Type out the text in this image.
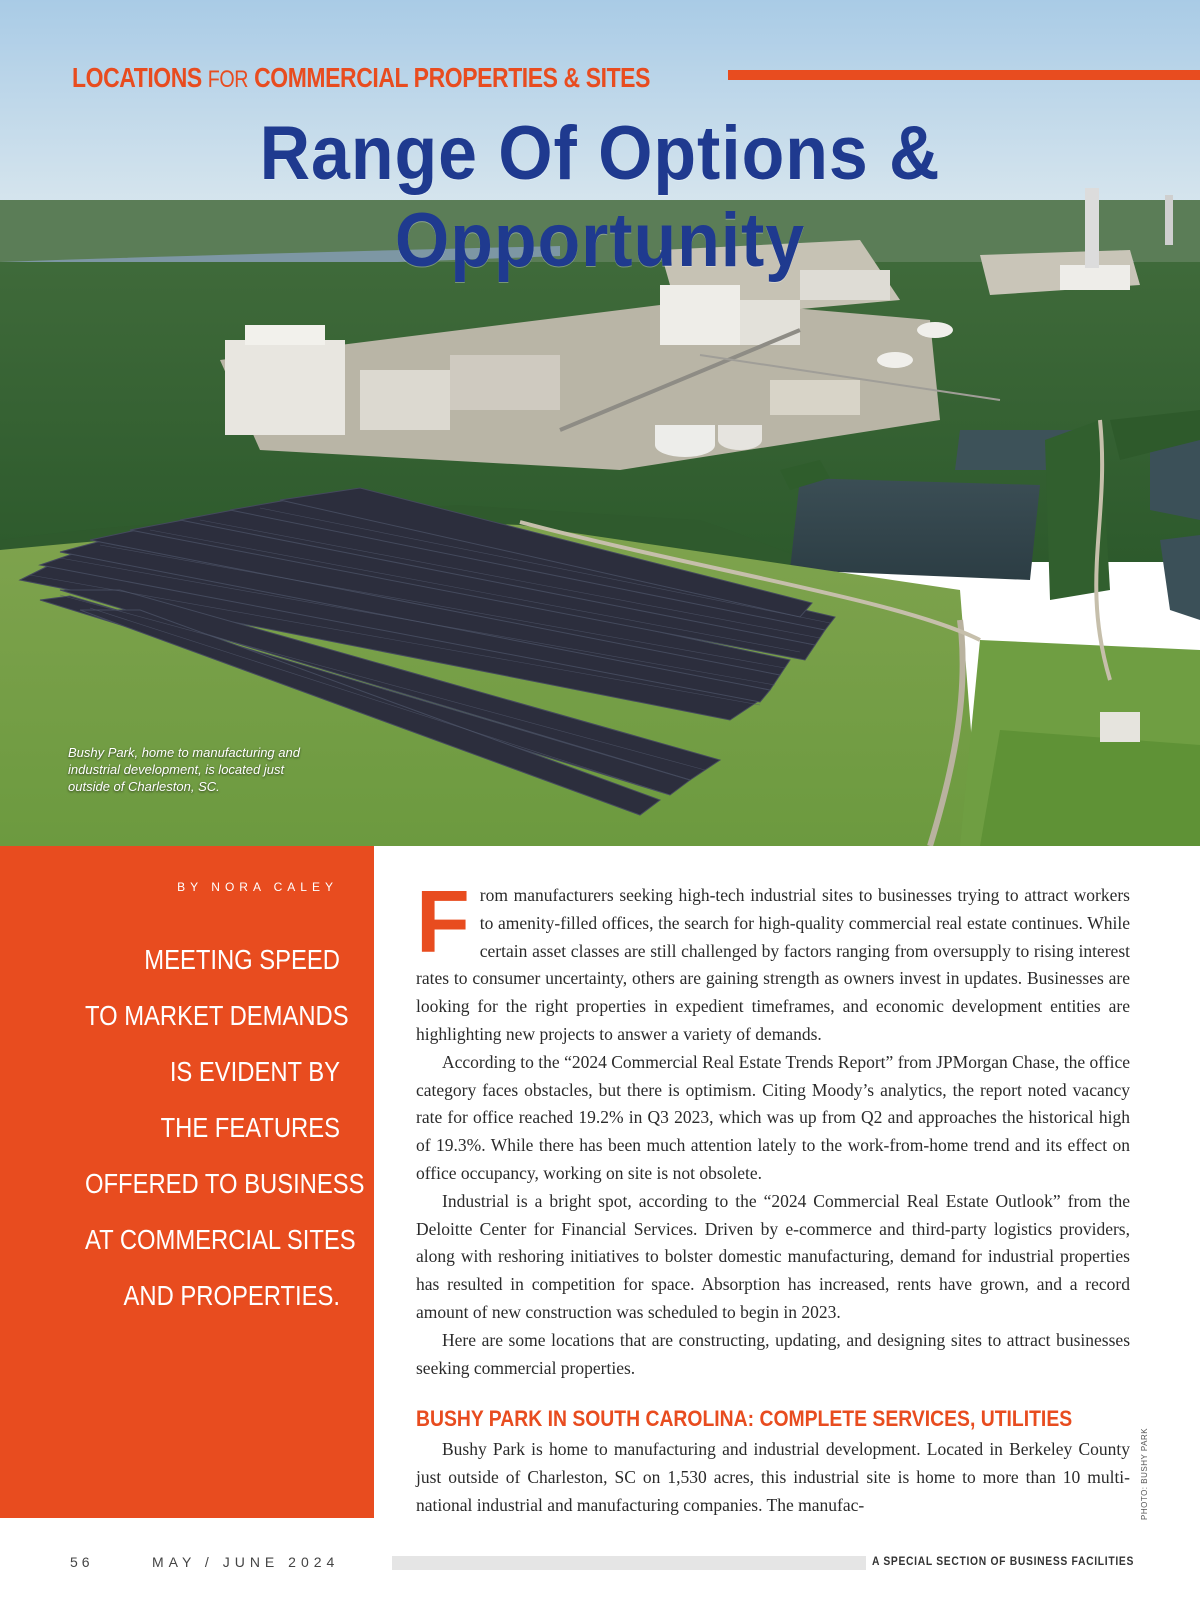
LOCATIONS FOR COMMERCIAL PROPERTIES & SITES
Range Of Options & Opportunity
Bushy Park, home to manufacturing and industrial development, is located just outside of Charleston, SC.
BY NORA CALEY
MEETING SPEED
TO MARKET DEMANDS
IS EVIDENT BY
THE FEATURES
OFFERED TO BUSINESS
AT COMMERCIAL SITES
AND PROPERTIES.

From manufacturers seeking high-tech industrial sites to businesses trying to attract workers to amenity-filled offices, the search for high-quality commercial real estate continues. While certain asset classes are still challenged by factors ranging from oversupply to rising interest rates to consumer uncertainty, others are gaining strength as owners invest in updates. Businesses are looking for the right properties in expedient timeframes, and economic development entities are highlighting new projects to answer a variety of demands.

According to the “2024 Commercial Real Estate Trends Report” from JPMorgan Chase, the office category faces obstacles, but there is optimism. Citing Moody’s analytics, the report noted vacancy rate for office reached 19.2% in Q3 2023, which was up from Q2 and approaches the historical high of 19.3%. While there has been much attention lately to the work-from-home trend and its effect on office occupancy, working on site is not obsolete.

Industrial is a bright spot, according to the “2024 Commercial Real Estate Outlook” from the Deloitte Center for Financial Services. Driven by e-commerce and third-party logistics providers, along with reshoring initiatives to bolster domestic manufacturing, demand for industrial properties has resulted in competition for space. Absorption has increased, rents have grown, and a record amount of new construction was scheduled to begin in 2023.

Here are some locations that are constructing, updating, and designing sites to attract businesses seeking commercial properties.

BUSHY PARK IN SOUTH CAROLINA: COMPLETE SERVICES, UTILITIES

Bushy Park is home to manufacturing and industrial development. Located in Berkeley County just outside of Charleston, SC on 1,530 acres, this industrial site is home to more than 10 multi-national industrial and manufacturing companies. The manufac-	PHOTO: BUSHY PARK
56	MAY / JUNE 2024	A SPECIAL SECTION OF BUSINESS FACILITIES
